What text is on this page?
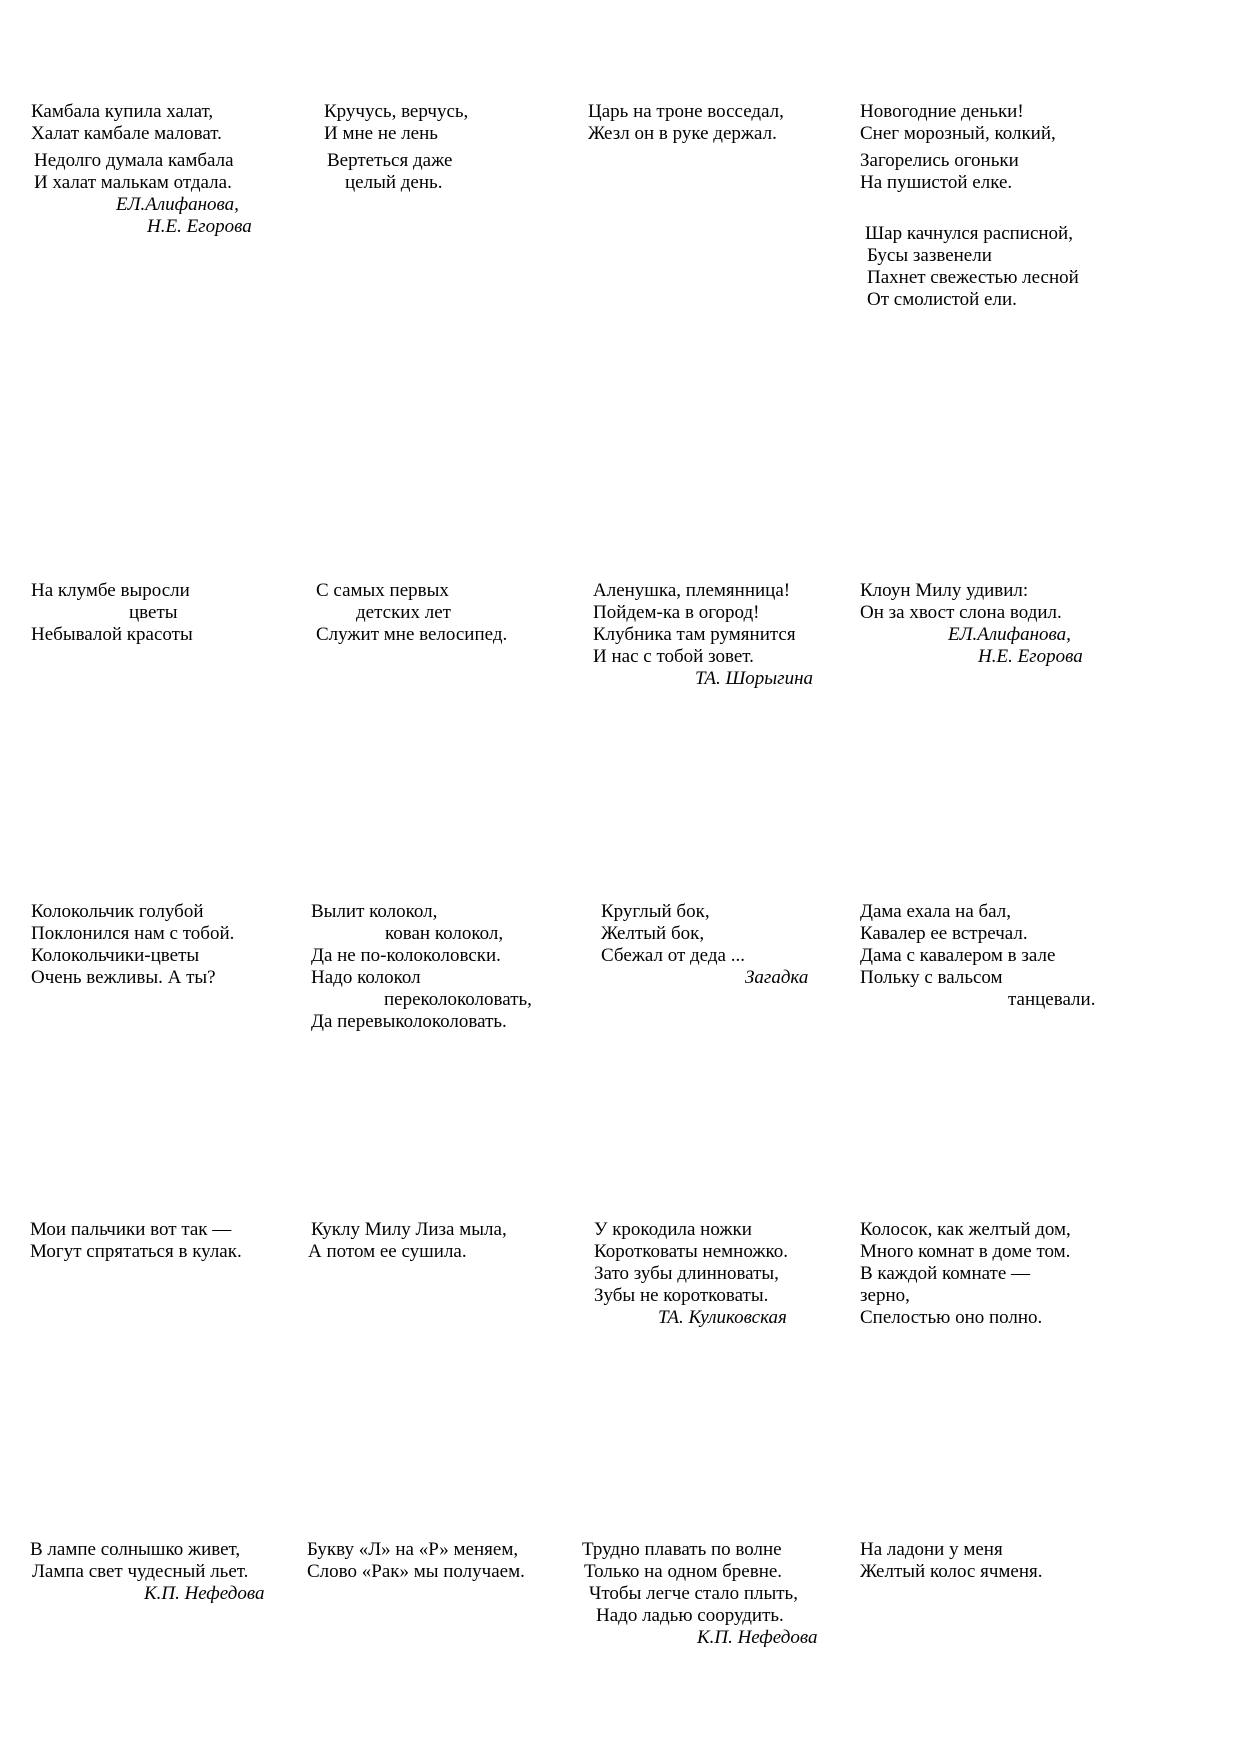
Камбала купила халат,
Халат камбале маловат.
Недолго думала камбала
И халат малькам отдала.
ЕЛ.Алифанова,
Н.Е. Егорова
Кручусь, верчусь,
И мне не лень
Вертеться даже
целый день.
Царь на троне восседал,
Жезл он в руке держал.
Новогодние деньки!
Снег морозный, колкий,
Загорелись огоньки
На пушистой елке.
Шар качнулся расписной,
Бусы зазвенели
Пахнет свежестью лесной
От смолистой ели.
На клумбе выросли
цветы
Небывалой красоты
С самых первых
детских лет
Служит мне велосипед.
Аленушка, племянница!
Пойдем-ка в огород!
Клубника там румянится
И нас с тобой зовет.
ТА. Шорыгина
Клоун Милу удивил:
Он за хвост слона водил.
ЕЛ.Алифанова,
Н.Е. Егорова
Колокольчик голубой
Поклонился нам с тобой.
Колокольчики-цветы
Очень вежливы. А ты?
Вылит колокол,
кован колокол,
Да не по-колоколовски.
Надо колокол
переколоколовать,
Да перевыколоколовать.
Круглый бок,
Желтый бок,
Сбежал от деда ...
Загадка
Дама ехала на бал,
Кавалер ее встречал.
Дама с кавалером в зале
Польку с вальсом
танцевали.
Мои пальчики вот так —
Могут спрятаться в кулак.
Куклу Милу Лиза мыла,
А потом ее сушила.
У крокодила ножки
Коротковаты немножко.
Зато зубы длинноваты,
Зубы не коротковаты.
ТА. Куликовская
Колосок, как желтый дом,
Много комнат в доме том.
В каждой комнате —
зерно,
Спелостью оно полно.
В лампе солнышко живет,
Лампа свет чудесный льет.
К.П. Нефедова
Букву «Л» на «Р» меняем,
Слово «Рак» мы получаем.
Трудно плавать по волне
Только на одном бревне.
Чтобы легче стало плыть,
Надо ладью соорудить.
К.П. Нефедова
На ладони у меня
Желтый колос ячменя.
